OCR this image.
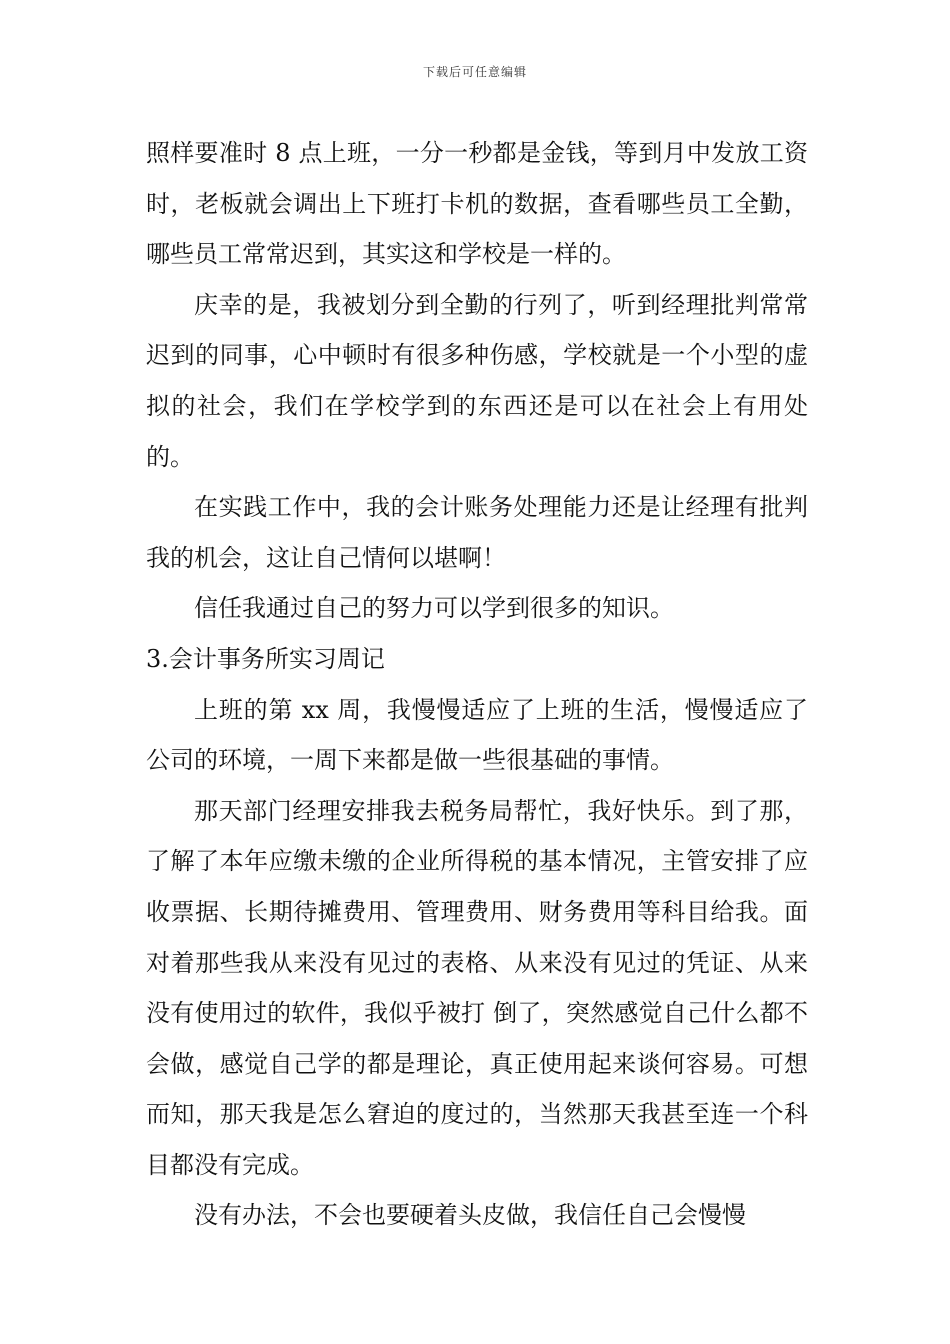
下载后可任意编辑

照样要准时 8 点上班，一分一秒都是金钱，等到月中发放工资时，老板就会调出上下班打卡机的数据，查看哪些员工全勤，哪些员工常常迟到，其实这和学校是一样的。

庆幸的是，我被划分到全勤的行列了，听到经理批判常常迟到的同事，心中顿时有很多种伤感，学校就是一个小型的虚拟的社会，我们在学校学到的东西还是可以在社会上有用处的。

在实践工作中，我的会计账务处理能力还是让经理有批判我的机会，这让自己情何以堪啊！

信任我通过自己的努力可以学到很多的知识。

3.会计事务所实习周记

上班的第 xx 周，我慢慢适应了上班的生活，慢慢适应了公司的环境，一周下来都是做一些很基础的事情。

那天部门经理安排我去税务局帮忙，我好快乐。到了那，了解了本年应缴未缴的企业所得税的基本情况，主管安排了应收票据、长期待摊费用、管理费用、财务费用等科目给我。面对着那些我从来没有见过的表格、从来没有见过的凭证、从来没有使用过的软件，我似乎被打 倒了，突然感觉自己什么都不会做，感觉自己学的都是理论，真正使用起来谈何容易。可想而知，那天我是怎么窘迫的度过的，当然那天我甚至连一个科目都没有完成。

没有办法，不会也要硬着头皮做，我信任自己会慢慢
